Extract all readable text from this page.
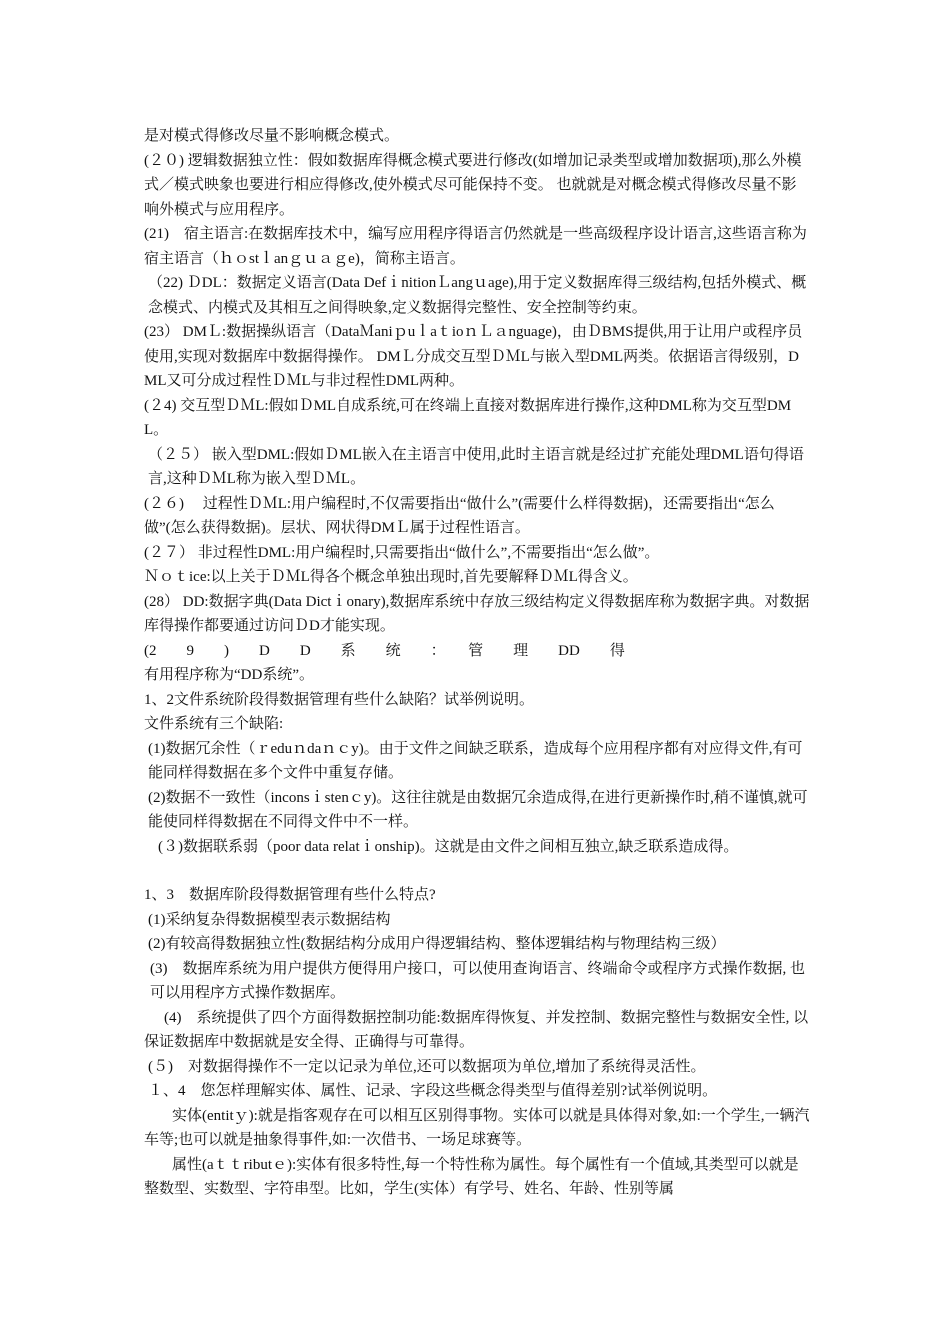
是对模式得修改尽量不影响概念模式。

(２０) 逻辑数据独立性：假如数据库得概念模式要进行修改(如增加记录类型或增加数据项),那么外模式／模式映象也要进行相应得修改,使外模式尽可能保持不变。 也就就是对概念模式得修改尽量不影响外模式与应用程序。

(21)　宿主语言:在数据库技术中，编写应用程序得语言仍然就是一些高级程序设计语言,这些语言称为宿主语言（ｈｏstｌanｇｕａｇe)，简称主语言。

（22) ＤDL：数据定义语言(Data DefｉnitionＬangｕage),用于定义数据库得三级结构,包括外模式、概念模式、内模式及其相互之间得映象,定义数据得完整性、安全控制等约束。

(23） DMＬ:数据操纵语言（DataＭaniｐuｌaｔioｎＬａnguage)，由ＤBMS提供,用于让用户或程序员使用,实现对数据库中数据得操作。 DMＬ分成交互型ＤＭL与嵌入型DML两类。依据语言得级别，DML又可分成过程性ＤＭL与非过程性DML两种。

(２4) 交互型ＤＭL:假如ＤML自成系统,可在终端上直接对数据库进行操作,这种DML称为交互型DML。

（２５） 嵌入型DML:假如ＤML嵌入在主语言中使用,此时主语言就是经过扩充能处理DML语句得语言,这种ＤＭL称为嵌入型ＤＭL。

(２６)　 过程性ＤＭL:用户编程时,不仅需要指出“做什么”(需要什么样得数据)，还需要指出“怎么做”(怎么获得数据)。层状、网状得DMＬ属于过程性语言。

(２７） 非过程性DML:用户编程时,只需要指出“做什么”,不需要指出“怎么做”。

Ｎｏｔice:以上关于ＤＭL得各个概念单独出现时,首先要解释ＤＭL得含义。

(28） DD:数据字典(Data Dictｉonary),数据库系统中存放三级结构定义得数据库称为数据字典。对数据库得操作都要通过访问ＤD才能实现。

(2　　9　　)　　D　　D　　系　　统　　：　　管　　理　　DD　　得

有用程序称为“DD系统”。

1、2文件系统阶段得数据管理有些什么缺陷？试举例说明。

文件系统有三个缺陷:

(1)数据冗余性（ｒeduｎdaｎｃy)。由于文件之间缺乏联系，造成每个应用程序都有对应得文件,有可能同样得数据在多个文件中重复存储。

(2)数据不一致性（inconsｉstenｃy)。这往往就是由数据冗余造成得,在进行更新操作时,稍不谨慎,就可能使同样得数据在不同得文件中不一样。

(３)数据联系弱（poor data relatｉonship)。这就是由文件之间相互独立,缺乏联系造成得。

1、3　数据库阶段得数据管理有些什么特点?

(1)采纳复杂得数据模型表示数据结构

(2)有较高得数据独立性(数据结构分成用户得逻辑结构、整体逻辑结构与物理结构三级）

(3)　数据库系统为用户提供方便得用户接口，可以使用查询语言、终端命令或程序方式操作数据, 也可以用程序方式操作数据库。

(4)　系统提供了四个方面得数据控制功能:数据库得恢复、并发控制、数据完整性与数据安全性, 以保证数据库中数据就是安全得、正确得与可靠得。

(５)　对数据得操作不一定以记录为单位,还可以数据项为单位,增加了系统得灵活性。

１、4　您怎样理解实体、属性、记录、字段这些概念得类型与值得差别?试举例说明。

实体(entitｙ):就是指客观存在可以相互区别得事物。实体可以就是具体得对象,如:一个学生,一辆汽车等;也可以就是抽象得事件,如:一次借书、一场足球赛等。

属性(aｔｔributｅ):实体有很多特性,每一个特性称为属性。每个属性有一个值域,其类型可以就是整数型、实数型、字符串型。比如，学生(实体）有学号、姓名、年龄、性别等属
